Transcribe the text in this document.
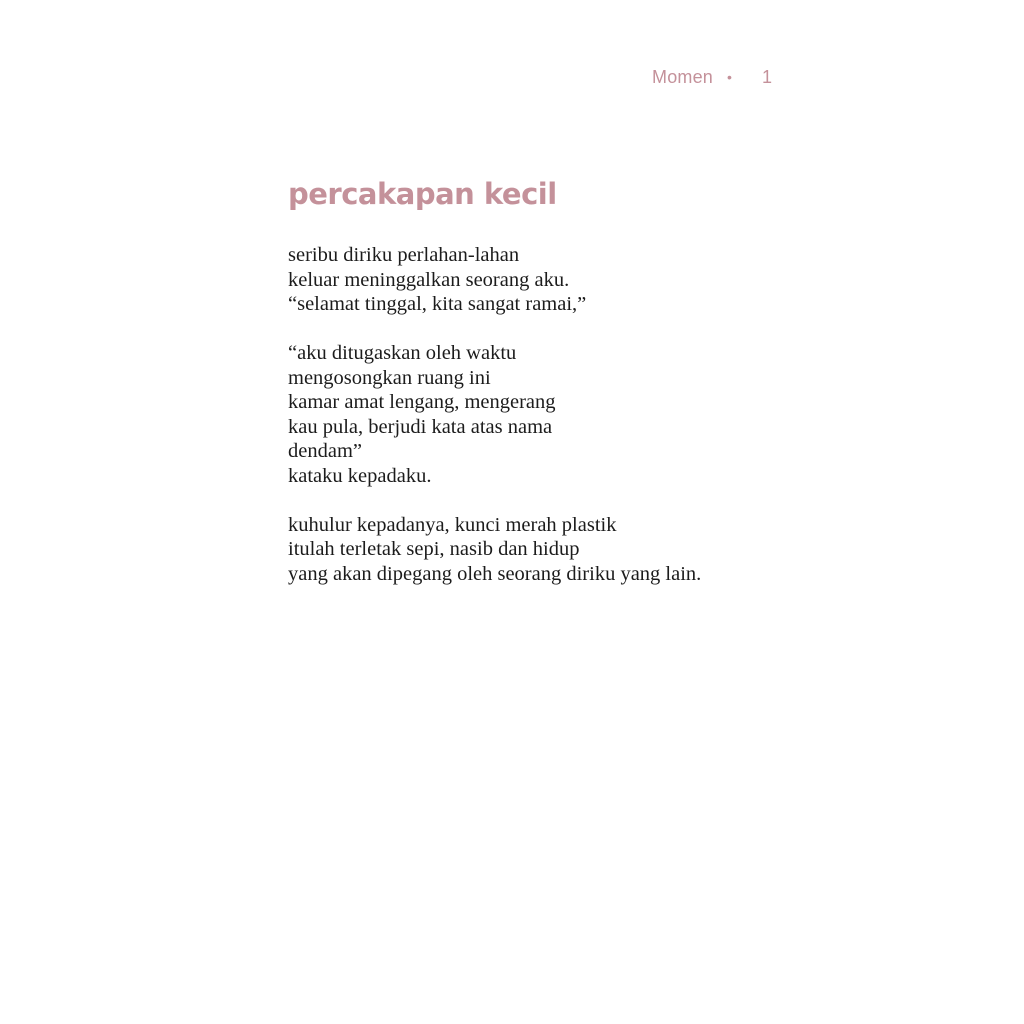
Momen • 1
percakapan kecil
seribu diriku perlahan-lahan
keluar meninggalkan seorang aku.
“selamat tinggal, kita sangat ramai,”
“aku ditugaskan oleh waktu
mengosongkan ruang ini
kamar amat lengang, mengerang
kau pula, berjudi kata atas nama
dendam”
kataku kepadaku.
kuhulur kepadanya, kunci merah plastik
itulah terletak sepi, nasib dan hidup
yang akan dipegang oleh seorang diriku yang lain.
